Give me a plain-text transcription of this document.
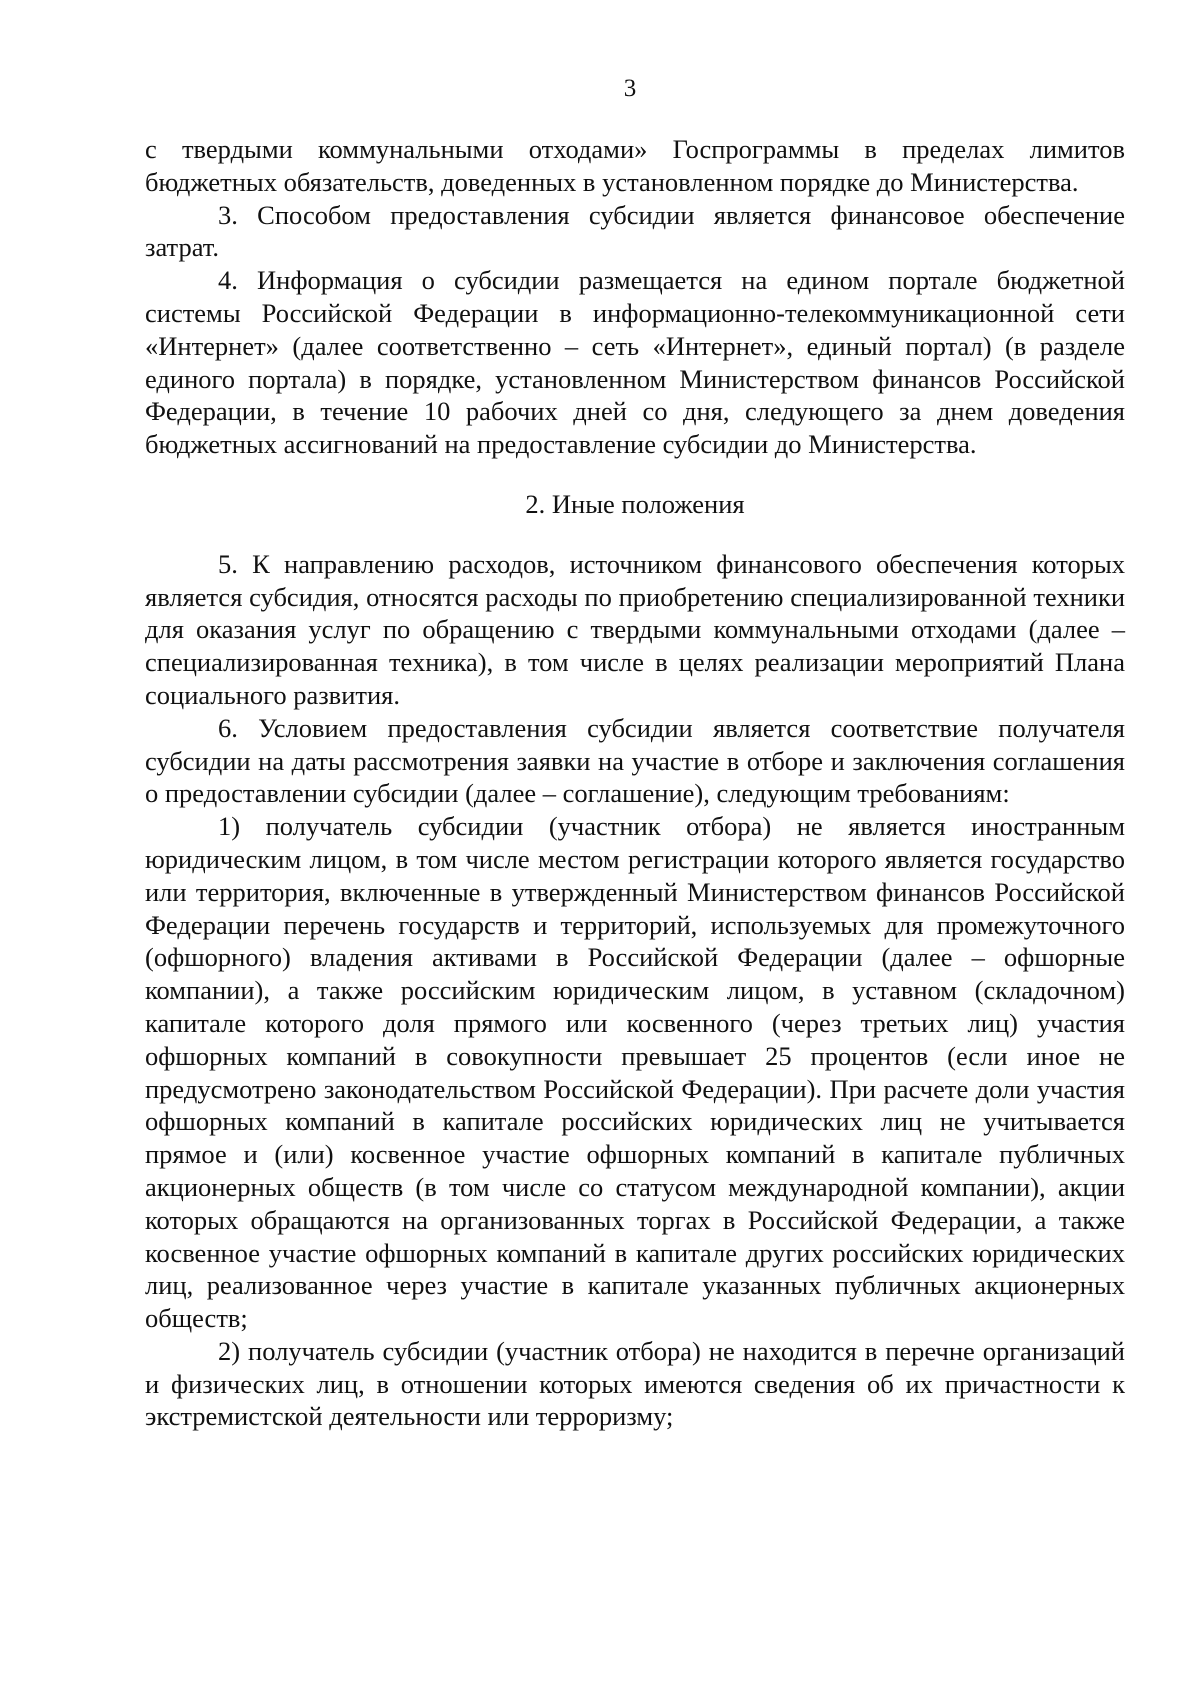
3

с твердыми коммунальными отходами» Госпрограммы в пределах лимитов бюджетных обязательств, доведенных в установленном порядке до Министерства.

3. Способом предоставления субсидии является финансовое обеспечение затрат.

4. Информация о субсидии размещается на едином портале бюджетной системы Российской Федерации в информационно-телекоммуникационной сети «Интернет» (далее соответственно – сеть «Интернет», единый портал) (в разделе единого портала) в порядке, установленном Министерством финансов Российской Федерации, в течение 10 рабочих дней со дня, следующего за днем доведения бюджетных ассигнований на предоставление субсидии до Министерства.

2. Иные положения

5. К направлению расходов, источником финансового обеспечения которых является субсидия, относятся расходы по приобретению специализированной техники для оказания услуг по обращению с твердыми коммунальными отходами (далее – специализированная техника), в том числе в целях реализации мероприятий Плана социального развития.

6. Условием предоставления субсидии является соответствие получателя субсидии на даты рассмотрения заявки на участие в отборе и заключения соглашения о предоставлении субсидии (далее – соглашение), следующим требованиям:

1) получатель субсидии (участник отбора) не является иностранным юридическим лицом, в том числе местом регистрации которого является государство или территория, включенные в утвержденный Министерством финансов Российской Федерации перечень государств и территорий, используемых для промежуточного (офшорного) владения активами в Российской Федерации (далее – офшорные компании), а также российским юридическим лицом, в уставном (складочном) капитале которого доля прямого или косвенного (через третьих лиц) участия офшорных компаний в совокупности превышает 25 процентов (если иное не предусмотрено законодательством Российской Федерации). При расчете доли участия офшорных компаний в капитале российских юридических лиц не учитывается прямое и (или) косвенное участие офшорных компаний в капитале публичных акционерных обществ (в том числе со статусом международной компании), акции которых обращаются на организованных торгах в Российской Федерации, а также косвенное участие офшорных компаний в капитале других российских юридических лиц, реализованное через участие в капитале указанных публичных акционерных обществ;

2) получатель субсидии (участник отбора) не находится в перечне организаций и физических лиц, в отношении которых имеются сведения об их причастности к экстремистской деятельности или терроризму;
